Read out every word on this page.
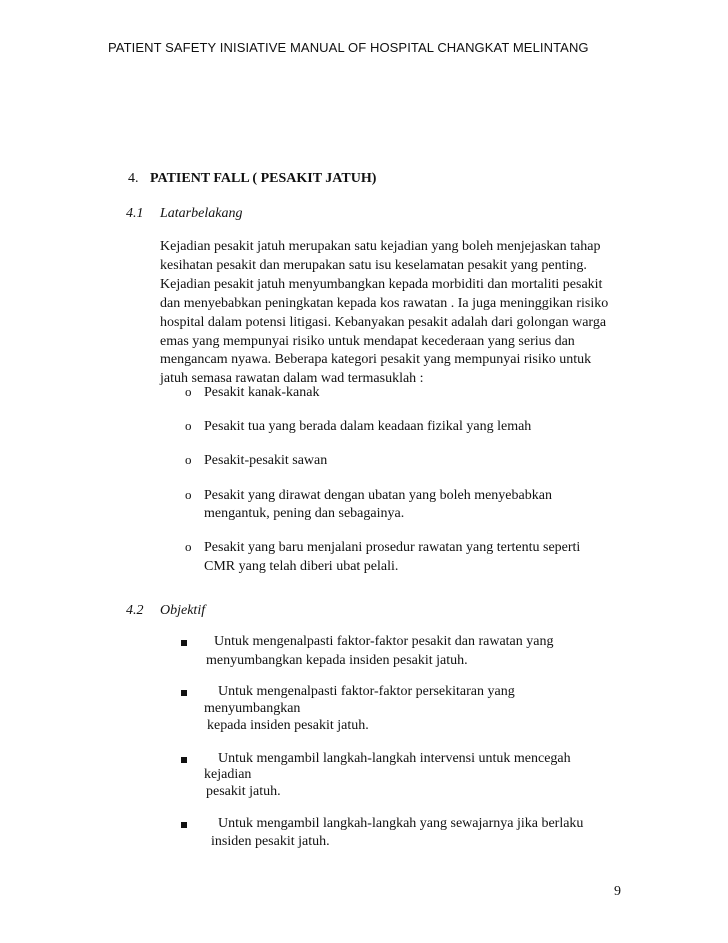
PATIENT SAFETY INISIATIVE MANUAL OF HOSPITAL CHANGKAT MELINTANG
4. PATIENT FALL ( PESAKIT JATUH)
4.1 Latarbelakang
Kejadian pesakit jatuh merupakan satu kejadian yang boleh menjejaskan tahap
kesihatan pesakit dan merupakan satu isu keselamatan pesakit yang penting.
Kejadian pesakit jatuh menyumbangkan kepada morbiditi dan mortaliti pesakit
dan menyebabkan peningkatan kepada kos rawatan . Ia juga meninggikan risiko
hospital dalam potensi litigasi. Kebanyakan pesakit adalah dari golongan warga
emas yang mempunyai risiko untuk mendapat kecederaan yang serius dan
mengancam nyawa. Beberapa kategori pesakit yang mempunyai risiko untuk
jatuh semasa rawatan dalam wad termasuklah :
o Pesakit kanak-kanak
o Pesakit tua yang berada dalam keadaan fizikal yang lemah
o Pesakit-pesakit sawan
o Pesakit yang dirawat dengan ubatan yang boleh menyebabkan
mengantuk, pening dan sebagainya.
o Pesakit yang baru menjalani prosedur rawatan yang tertentu seperti
CMR yang telah diberi ubat pelali.
4.2 Objektif
Untuk mengenalpasti faktor-faktor pesakit dan rawatan yang
menyumbangkan kepada insiden pesakit jatuh.
Untuk mengenalpasti faktor-faktor persekitaran yang
menyumbangkan
kepada insiden pesakit jatuh.
Untuk mengambil langkah-langkah intervensi untuk mencegah
kejadian
pesakit jatuh.
Untuk mengambil langkah-langkah yang sewajarnya jika berlaku
insiden pesakit jatuh.
9
